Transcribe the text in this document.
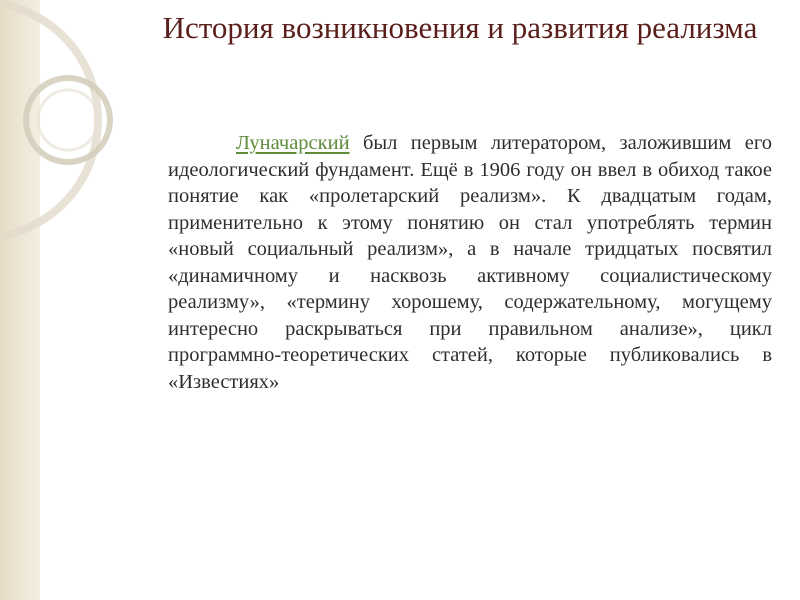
История возникновения и развития реализма

Луначарский был первым литератором, заложившим его идеологический фундамент. Ещё в 1906 году он ввел в обиход такое понятие как «пролетарский реализм». К двадцатым годам, применительно к этому понятию он стал употреблять термин «новый социальный реализм», а в начале тридцатых посвятил «динамичному и насквозь активному социалистическому реализму», «термину хорошему, содержательному, могущему интересно раскрываться при правильном анализе», цикл программно-теоретических статей, которые публиковались в «Известиях»
